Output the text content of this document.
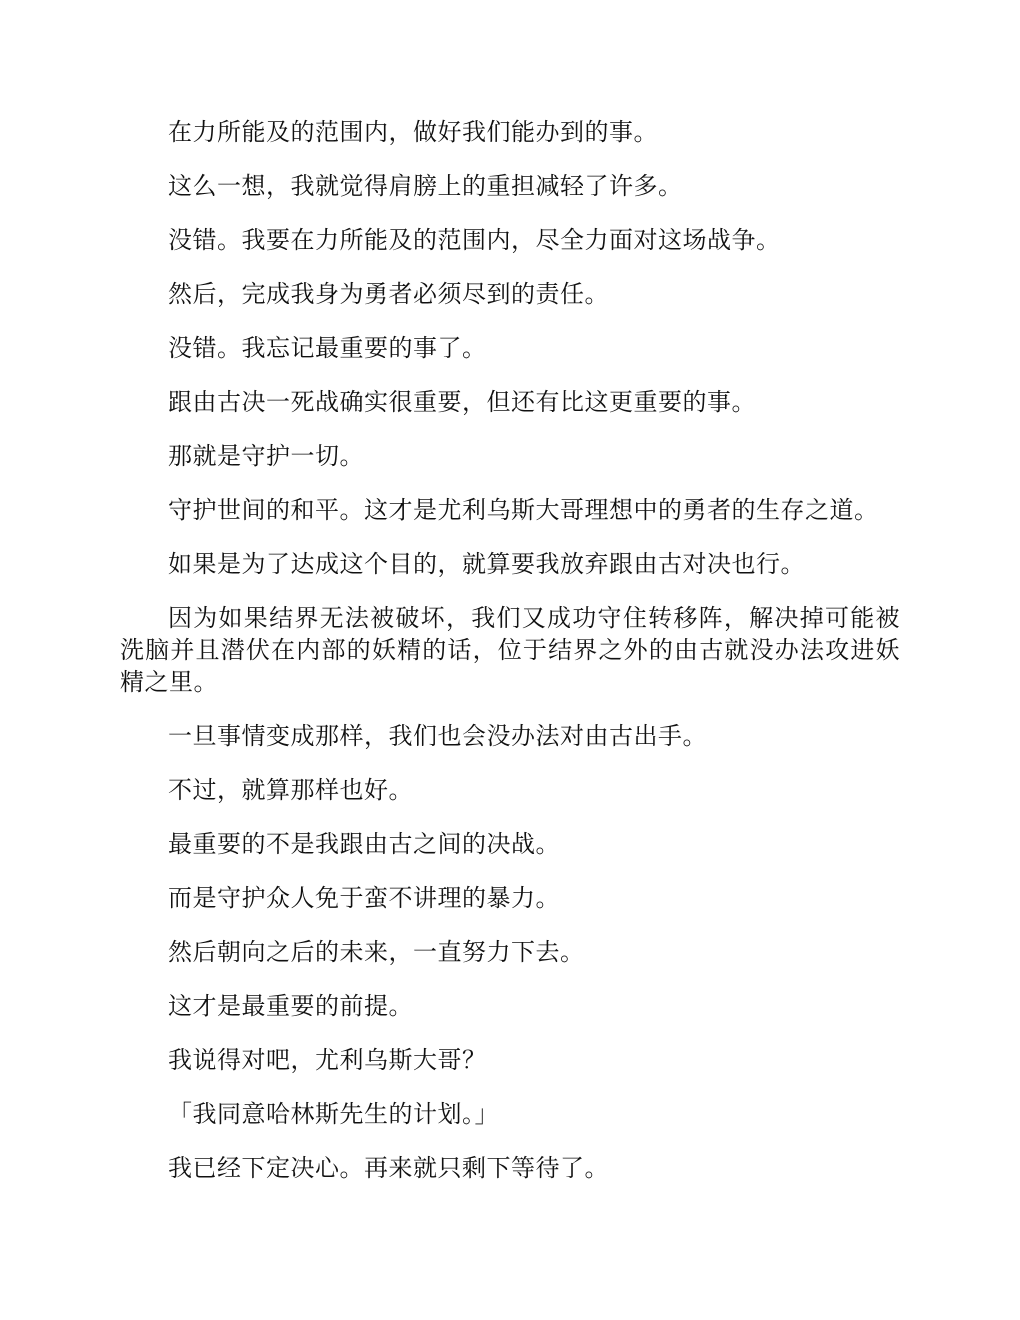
在力所能及的范围内，做好我们能办到的事。

这么一想，我就觉得肩膀上的重担减轻了许多。

没错。我要在力所能及的范围内，尽全力面对这场战争。

然后，完成我身为勇者必须尽到的责任。

没错。我忘记最重要的事了。

跟由古决一死战确实很重要，但还有比这更重要的事。

那就是守护一切。

守护世间的和平。这才是尤利乌斯大哥理想中的勇者的生存之道。

如果是为了达成这个目的，就算要我放弃跟由古对决也行。

因为如果结界无法被破坏，我们又成功守住转移阵，解决掉可能被洗脑并且潜伏在内部的妖精的话，位于结界之外的由古就没办法攻进妖精之里。

一旦事情变成那样，我们也会没办法对由古出手。

不过，就算那样也好。

最重要的不是我跟由古之间的决战。

而是守护众人免于蛮不讲理的暴力。

然后朝向之后的未来，一直努力下去。

这才是最重要的前提。

我说得对吧，尤利乌斯大哥？

「我同意哈林斯先生的计划。」

我已经下定决心。再来就只剩下等待了。
